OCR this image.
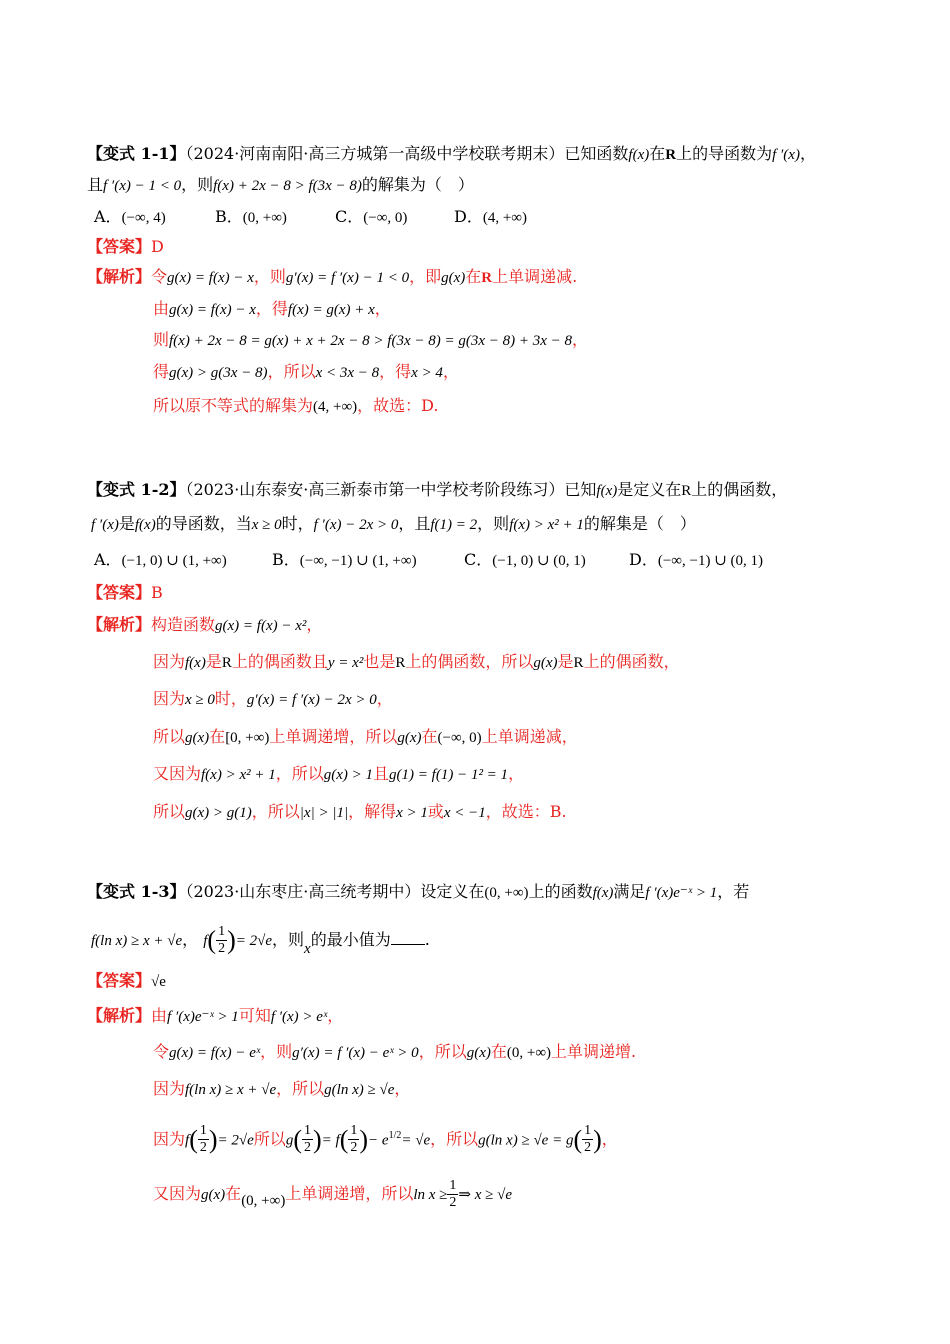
【变式 1-1】（2024·河南南阳·高三方城第一高级中学校联考期末）已知函数f(x)在R上的导函数为f ′(x)，
且f ′(x) − 1 < 0，则f(x) + 2x − 8 > f(3x − 8)的解集为（　）
A．(−∞, 4)	B．(0, +∞)	C．(−∞, 0)	D．(4, +∞)
【答案】D
【解析】令g(x) = f(x) − x，则g′(x) = f ′(x) − 1 < 0，即g(x)在R上单调递减.
由g(x) = f(x) − x，得f(x) = g(x) + x，
则f(x) + 2x − 8 = g(x) + x + 2x − 8 > f(3x − 8) = g(3x − 8) + 3x − 8，
得g(x) > g(3x − 8)，所以x < 3x − 8，得x > 4，
所以原不等式的解集为(4, +∞)，故选：D.
【变式 1-2】（2023·山东泰安·高三新泰市第一中学校考阶段练习）已知f(x)是定义在R上的偶函数，
f ′(x)是f(x)的导函数，当x ≥ 0时，f ′(x) − 2x > 0，且f(1) = 2，则f(x) > x² + 1的解集是（　）
A．(−1, 0) ∪ (1, +∞)	B．(−∞, −1) ∪ (1, +∞)	C．(−1, 0) ∪ (0, 1)	D．(−∞, −1) ∪ (0, 1)
【答案】B
【解析】构造函数g(x) = f(x) − x²，
因为f(x)是R上的偶函数且y = x²也是R上的偶函数，所以g(x)是R上的偶函数，
因为x ≥ 0时，g′(x) = f ′(x) − 2x > 0，
所以g(x)在[0, +∞)上单调递增，所以g(x)在(−∞, 0)上单调递减，
又因为f(x) > x² + 1，所以g(x) > 1且g(1) = f(1) − 1² = 1，
所以g(x) > g(1)，所以|x| > |1|，解得x > 1或x < −1，故选：B.
【变式 1-3】（2023·山东枣庄·高三统考期中）设定义在(0, +∞)上的函数f(x)满足f ′(x)e⁻ˣ > 1，若
f(ln x) ≥ x + √e， $f( \frac{1}{2}$ )= 2√e，则x的最小值为 .
【答案】√e
【解析】由f ′(x)e⁻ˣ > 1可知f ′(x) > eˣ，
令g(x) = f(x) − eˣ，则g′(x) = f ′(x) − eˣ > 0，所以g(x)在(0, +∞)上单调递增.
因为f(ln x) ≥ x + √e，所以g(ln x) ≥ √e，
因为$f( \frac{1}{2}$ )= 2√e所以$g( \frac{1}{2}$ )= $f( \frac{1}{2}$ )− $e^{1/2}= √e$，所以g(ln $x) \ge √e = g( \frac{1}{2}$ )，
又因为g(x)在(0, +∞)上单调递增，所以$\ln x \ge \frac{1}{2}$ ⇒ x ≥ √e
